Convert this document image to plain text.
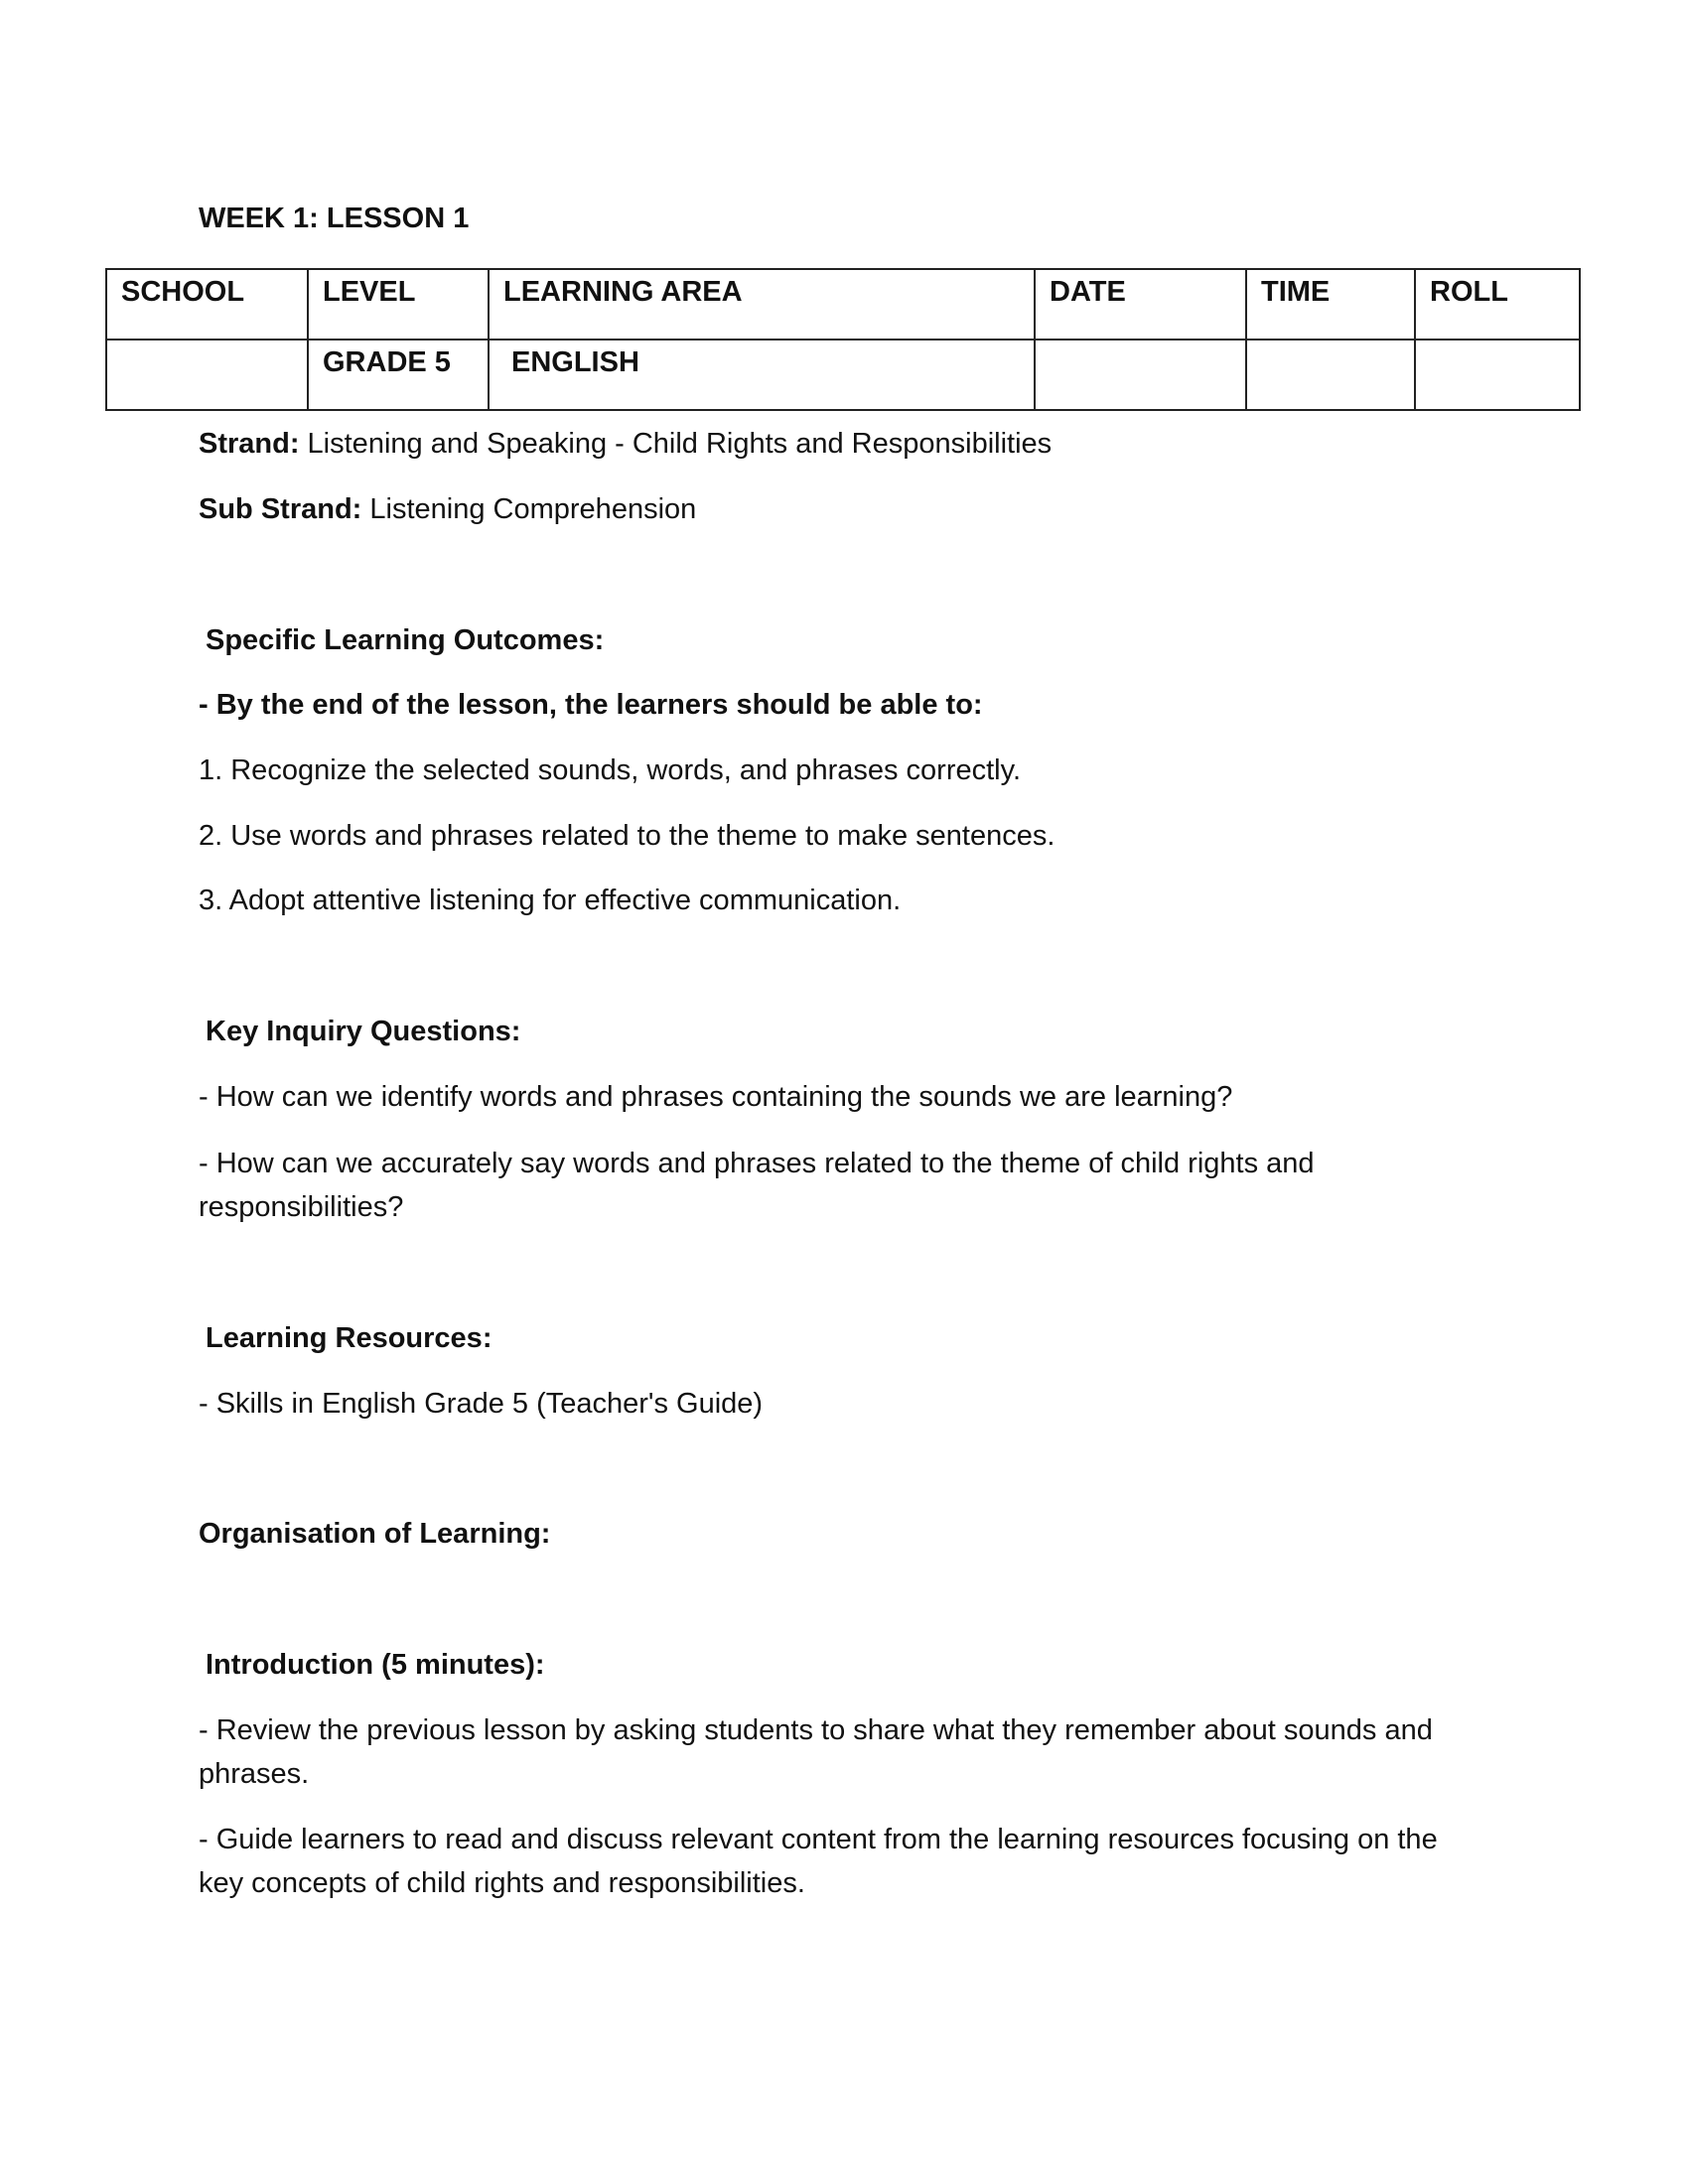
WEEK 1: LESSON 1
SCHOOL	LEVEL	LEARNING AREA	DATE	TIME	ROLL
	GRADE 5	ENGLISH			
Strand: Listening and Speaking - Child Rights and Responsibilities
Sub Strand: Listening Comprehension
Specific Learning Outcomes:
- By the end of the lesson, the learners should be able to:
1. Recognize the selected sounds, words, and phrases correctly.
2. Use words and phrases related to the theme to make sentences.
3. Adopt attentive listening for effective communication.
Key Inquiry Questions:
- How can we identify words and phrases containing the sounds we are learning?
- How can we accurately say words and phrases related to the theme of child rights and responsibilities?
Learning Resources:
- Skills in English Grade 5 (Teacher's Guide)
Organisation of Learning:
Introduction (5 minutes):
- Review the previous lesson by asking students to share what they remember about sounds and phrases.
- Guide learners to read and discuss relevant content from the learning resources focusing on the key concepts of child rights and responsibilities.
